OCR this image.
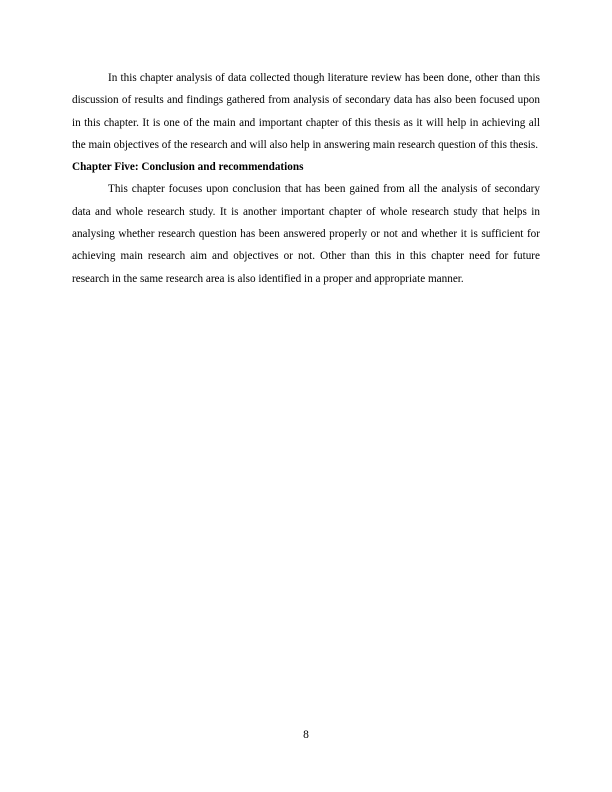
In this chapter analysis of data collected though literature review has been done, other than this discussion of results and findings gathered from analysis of secondary data has also been focused upon in this chapter. It is one of the main and important chapter of this thesis as it will help in achieving all the main objectives of the research and will also help in answering main research question of this thesis.

Chapter Five: Conclusion and recommendations

This chapter focuses upon conclusion that has been gained from all the analysis of secondary data and whole research study. It is another important chapter of whole research study that helps in analysing whether research question has been answered properly or not and whether it is sufficient for achieving main research aim and objectives or not. Other than this in this chapter need for future research in the same research area is also identified in a proper and appropriate manner.

8
